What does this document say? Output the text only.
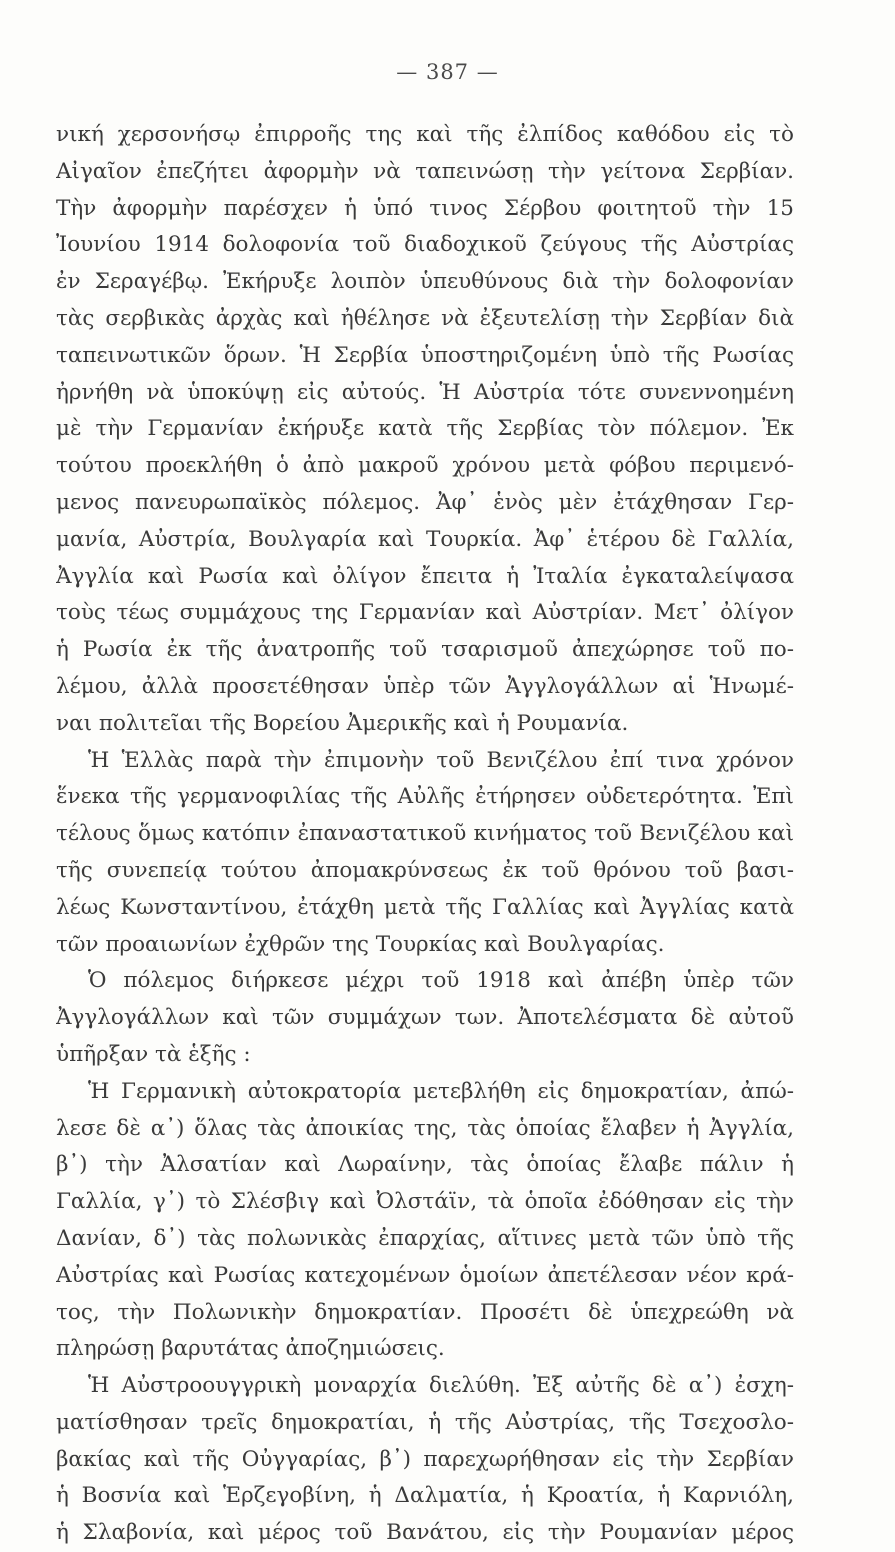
— 387 —

νική χερσονήσῳ ἐπιρροῆς της καὶ τῆς ἐλπίδος καθόδου εἰς τὸ
Αἰγαῖον ἐπεζήτει ἀφορμὴν νὰ ταπεινώσῃ τὴν γείτονα Σερβίαν.
Τὴν ἀφορμὴν παρέσχεν ἡ ὑπό τινος Σέρβου φοιτητοῦ τὴν 15
Ἰουνίου 1914 δολοφονία τοῦ διαδοχικοῦ ζεύγους τῆς Αὐστρίας
ἐν Σεραγέβῳ. Ἐκήρυξε λοιπὸν ὑπευθύνους διὰ τὴν δολοφονίαν
τὰς σερβικὰς ἀρχὰς καὶ ἠθέλησε νὰ ἐξευτελίσῃ τὴν Σερβίαν διὰ
ταπεινωτικῶν ὅρων. Ἡ Σερβία ὑποστηριζομένη ὑπὸ τῆς Ρωσίας
ἠρνήθη νὰ ὑποκύψῃ εἰς αὐτούς. Ἡ Αὐστρία τότε συνεννοημένη
μὲ τὴν Γερμανίαν ἐκήρυξε κατὰ τῆς Σερβίας τὸν πόλεμον. Ἐκ
τούτου προεκλήθη ὁ ἀπὸ μακροῦ χρόνου μετὰ φόβου περιμενό-
μενος πανευρωπαϊκὸς πόλεμος. Ἀφ᾽ ἑνὸς μὲν ἐτάχθησαν Γερ-
μανία, Αὐστρία, Βουλγαρία καὶ Τουρκία. Ἀφ᾽ ἑτέρου δὲ Γαλλία,
Ἀγγλία καὶ Ρωσία καὶ ὀλίγον ἔπειτα ἡ Ἰταλία ἐγκαταλείψασα
τοὺς τέως συμμάχους της Γερμανίαν καὶ Αὐστρίαν. Μετ᾽ ὀλίγον
ἡ Ρωσία ἐκ τῆς ἀνατροπῆς τοῦ τσαρισμοῦ ἀπεχώρησε τοῦ πο-
λέμου, ἀλλὰ προσετέθησαν ὑπὲρ τῶν Ἀγγλογάλλων αἱ Ἡνωμέ-
ναι πολιτεῖαι τῆς Βορείου Ἀμερικῆς καὶ ἡ Ρουμανία.

Ἡ Ἑλλὰς παρὰ τὴν ἐπιμονὴν τοῦ Βενιζέλου ἐπί τινα χρόνον
ἕνεκα τῆς γερμανοφιλίας τῆς Αὐλῆς ἐτήρησεν οὐδετερότητα. Ἐπὶ
τέλους ὅμως κατόπιν ἐπαναστατικοῦ κινήματος τοῦ Βενιζέλου καὶ
τῆς συνεπείᾳ τούτου ἀπομακρύνσεως ἐκ τοῦ θρόνου τοῦ βασι-
λέως Κωνσταντίνου, ἐτάχθη μετὰ τῆς Γαλλίας καὶ Ἀγγλίας κατὰ
τῶν προαιωνίων ἐχθρῶν της Τουρκίας καὶ Βουλγαρίας.

Ὁ πόλεμος διήρκεσε μέχρι τοῦ 1918 καὶ ἀπέβη ὑπὲρ τῶν
Ἀγγλογάλλων καὶ τῶν συμμάχων των. Ἀποτελέσματα δὲ αὐτοῦ
ὑπῆρξαν τὰ ἑξῆς :

Ἡ Γερμανικὴ αὐτοκρατορία μετεβλήθη εἰς δημοκρατίαν, ἀπώ-
λεσε δὲ α᾽) ὅλας τὰς ἀποικίας της, τὰς ὁποίας ἔλαβεν ἡ Ἀγγλία,
β᾽) τὴν Ἀλσατίαν καὶ Λωραίνην, τὰς ὁποίας ἔλαβε πάλιν ἡ
Γαλλία, γ᾽) τὸ Σλέσβιγ καὶ Ὀλστάϊν, τὰ ὁποῖα ἐδόθησαν εἰς τὴν
Δανίαν, δ᾽) τὰς πολωνικὰς ἐπαρχίας, αἵτινες μετὰ τῶν ὑπὸ τῆς
Αὐστρίας καὶ Ρωσίας κατεχομένων ὁμοίων ἀπετέλεσαν νέον κρά-
τος, τὴν Πολωνικὴν δημοκρατίαν. Προσέτι δὲ ὑπεχρεώθη νὰ
πληρώσῃ βαρυτάτας ἀποζημιώσεις.

Ἡ Αὐστροουγγρικὴ μοναρχία διελύθη. Ἐξ αὐτῆς δὲ α᾽) ἐσχη-
ματίσθησαν τρεῖς δημοκρατίαι, ἡ τῆς Αὐστρίας, τῆς Τσεχοσλο-
βακίας καὶ τῆς Οὐγγαρίας, β᾽) παρεχωρήθησαν εἰς τὴν Σερβίαν
ἡ Βοσνία καὶ Ἑρζεγοβίνη, ἡ Δαλματία, ἡ Κροατία, ἡ Καρνιόλη,
ἡ Σλαβονία, καὶ μέρος τοῦ Βανάτου, εἰς τὴν Ρουμανίαν μέρος
